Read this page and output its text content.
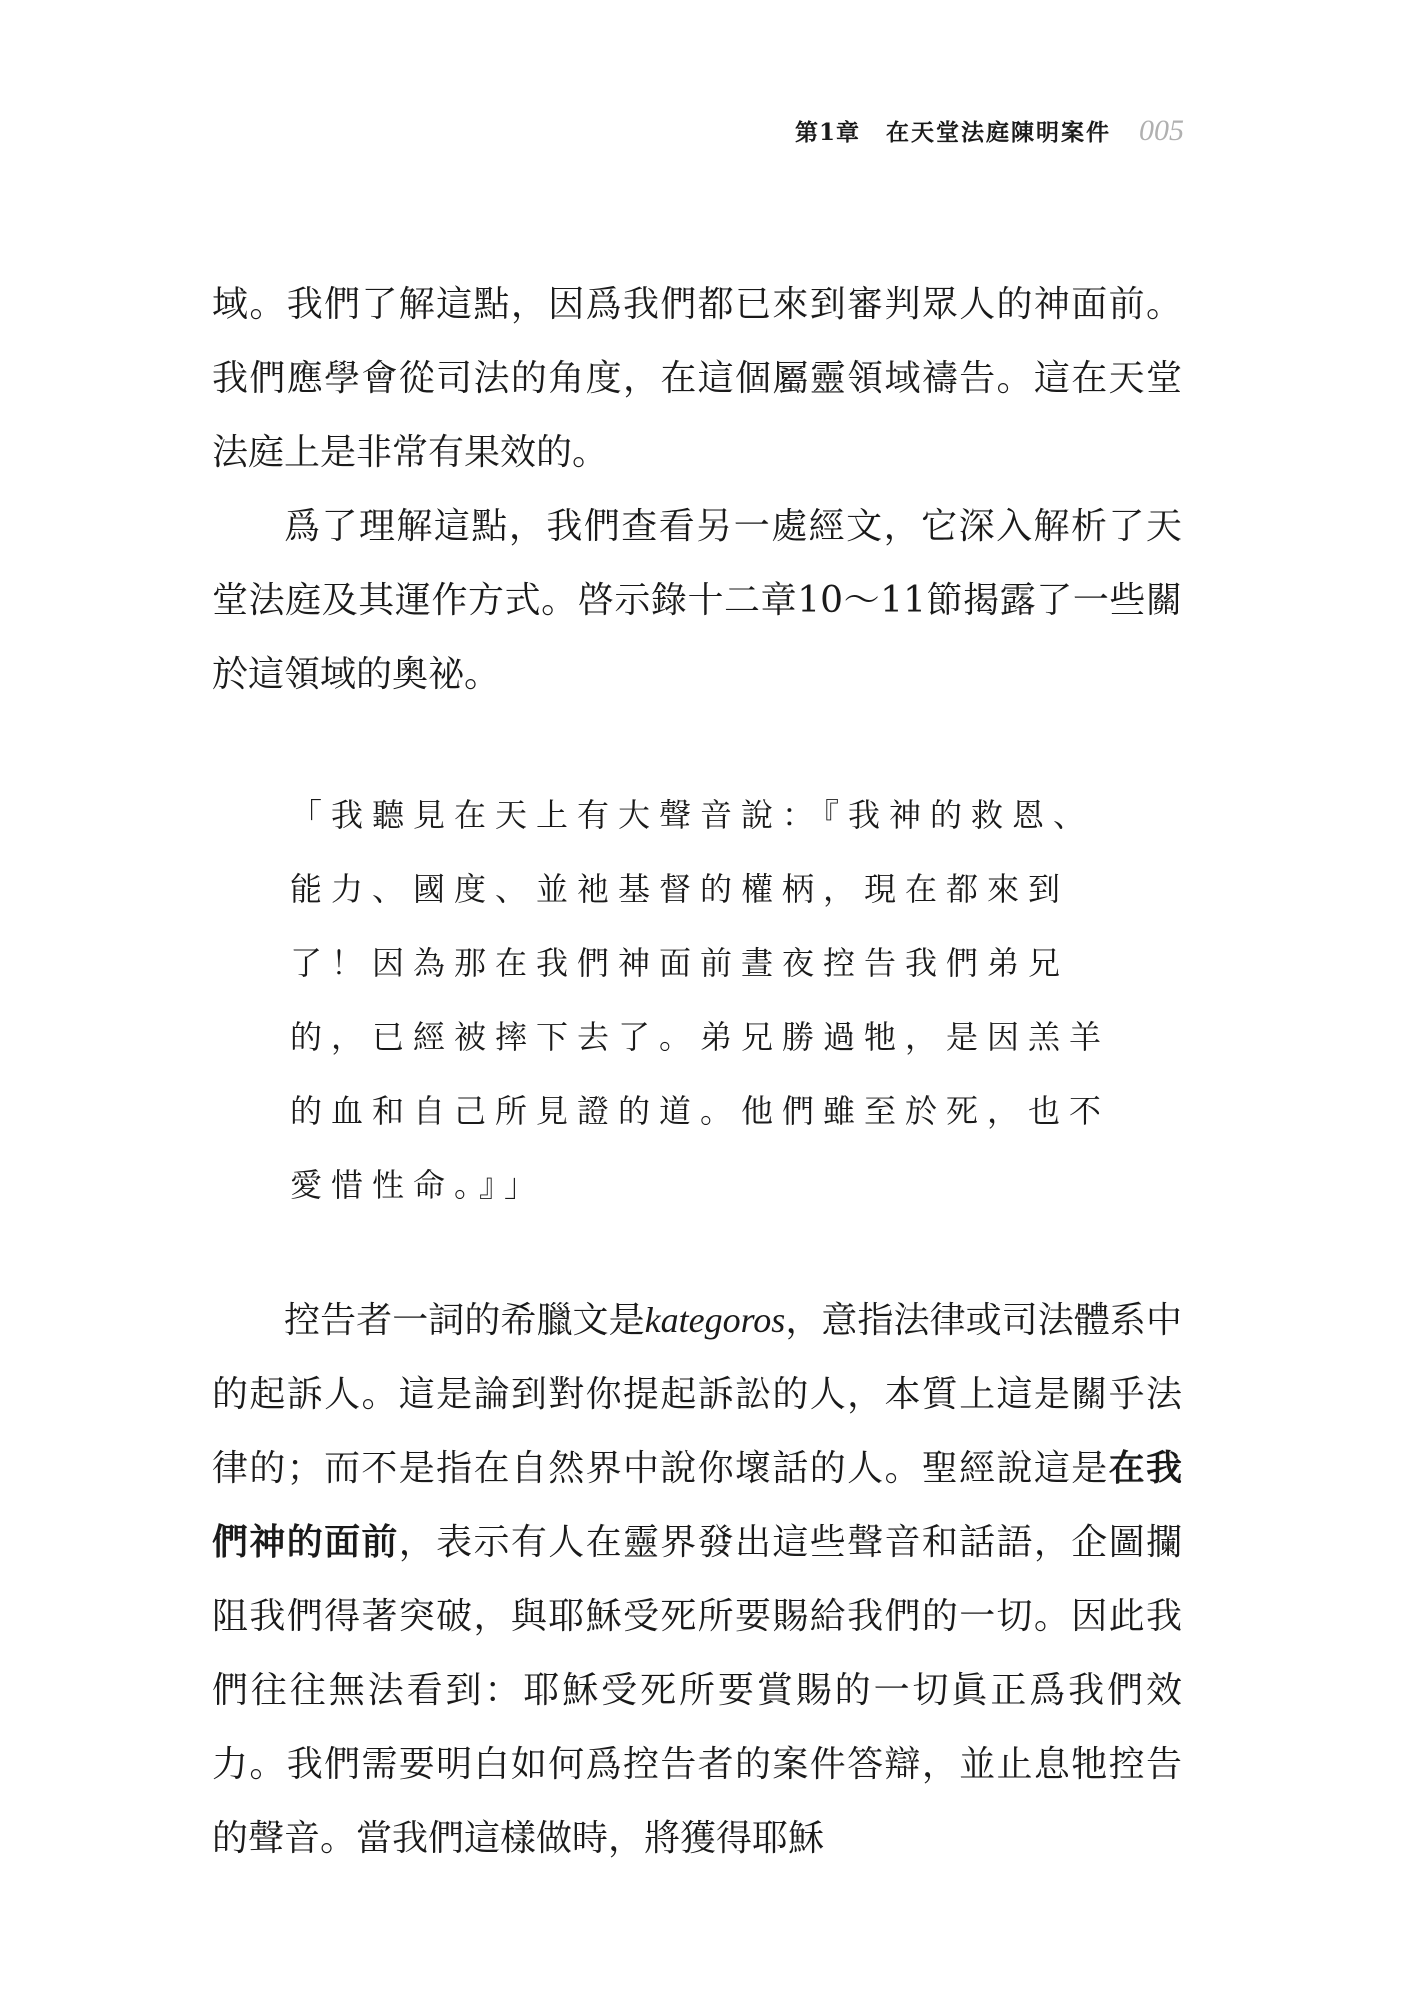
第1章 在天堂法庭陳明案件 005

域。我們了解這點，因爲我們都已來到審判眾人的神面前。我們應學會從司法的角度，在這個屬靈領域禱告。這在天堂法庭上是非常有果效的。

爲了理解這點，我們查看另一處經文，它深入解析了天堂法庭及其運作方式。啓示錄十二章10～11節揭露了一些關於這領域的奧祕。

「我聽見在天上有大聲音說：『我神的救恩、能力、國度、並祂基督的權柄，現在都來到了！因為那在我們神面前晝夜控告我們弟兄的，已經被摔下去了。弟兄勝過牠，是因羔羊的血和自己所見證的道。他們雖至於死，也不愛惜性命。』」

控告者一詞的希臘文是kategoros，意指法律或司法體系中的起訴人。這是論到對你提起訴訟的人，本質上這是關乎法律的；而不是指在自然界中說你壞話的人。聖經說這是在我們神的面前，表示有人在靈界發出這些聲音和話語，企圖攔阻我們得著突破，與耶穌受死所要賜給我們的一切。因此我們往往無法看到：耶穌受死所要賞賜的一切眞正爲我們效力。我們需要明白如何爲控告者的案件答辯，並止息牠控告的聲音。當我們這樣做時，將獲得耶穌
